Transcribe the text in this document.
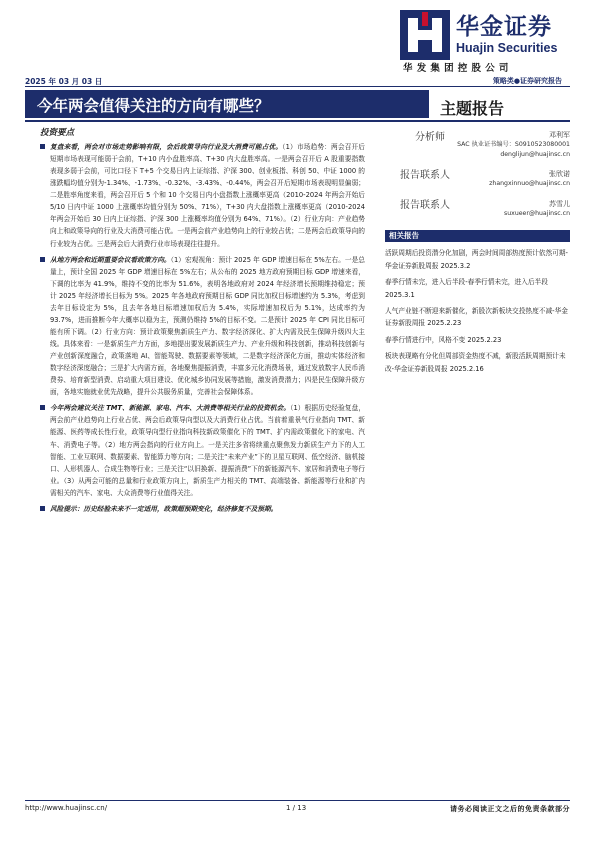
华金证券
Huajin Securities
华发集团控股公司
2025 年 03 月 03 日	策略类●证券研究报告
今年两会值得关注的方向有哪些？	主题报告
投资要点
复盘来看，两会对市场走势影响有限，会后政策导向行业及大消费可能占优。（1）市场趋势：两会召开后短期市场表现可能弱于会前，T+10 内小盘胜率高、T+30 内大盘胜率高。一是两会召开后 A 股重要指数表现多弱于会前，可比口径下 T+5 个交易日内上证综指、沪深 300、创业板指、科创 50、中证 1000 的涨跌幅均值分别为-1.34%、-1.73%、-0.32%、-3.43%、-0.44%，两会召开后短期市场表现明显偏弱；二是胜率角度来看，两会召开后 5 个和 10 个交易日内小盘指数上涨概率更高（2010-2024 年两会开始后 5/10 日内中证 1000 上涨概率均值分别为 50%、71%），T+30 内大盘指数上涨概率更高（2010-2024 年两会开始后 30 日内上证综指、沪深 300 上涨概率均值分别为 64%、71%）。（2）行业方向：产业趋势向上和政策导向的行业及大消费可能占优。一是两会前产业趋势向上的行业较占优；二是两会后政策导向的行业较为占优。三是两会后大消费行业市场表现往往提升。
从地方两会和近期重要会议看政策方向。（1）宏观视角：预计 2025 年 GDP 增速目标在 5%左右。一是总量上，预计全国 2025 年 GDP 增速目标在 5%左右；从公布的 2025 地方政府预期目标 GDP 增速来看，下调的比率为 41.9%，维持不变的比率为 51.6%，表明各地政府对 2024 年经济增长预期维持稳定；预计 2025 年经济增长目标为 5%。2025 年各地政府预期目标 GDP 同比加权目标增速约为 5.3%，考虑到去年目标设定为 5%，且去年各地目标增速加权后为 5.4%，实际增速加权后为 5.1%，达成率约为 93.7%，进而推断今年大概率以稳为主，预测仍维持 5%的目标不变。二是预计 2025 年 CPI 同比目标可能有所下调。（2）行业方向：预计政策聚焦新质生产力、数字经济深化、扩大内需及民生保障升级四大主线。具体来看：一是新质生产力方面，多地提出要发展新质生产力、产业升级和科技创新，推动科技创新与产业创新深度融合，政策落地 AI、智能驾驶、数据要素等领域，二是数字经济深化方面，推动实体经济和数字经济深度融合；三是扩大内需方面，各地聚焦提振消费，丰富多元化消费场景，通过发放数字人民币消费券、培育新型消费、启动重大项目建设、优化城乡协同发展等措施，激发消费潜力；四是民生保障升级方面，各地实施就业优先战略，提升公共服务质量，完善社会保障体系。
今年两会建议关注 TMT、新能源、家电、汽车、大消费等相关行业的投资机会。（1）根据历史经验复盘，两会前产业趋势向上行业占优、两会后政策导向型以及大消费行业占优。当前着重景气行业指向 TMT、新能源、医药等成长性行业，政策导向型行业指向科技新政策催化下的 TMT、扩内需政策催化下的家电、汽车、消费电子等。（2）地方两会指向的行业方向上。一是关注多省将续重点聚焦发力新质生产力下的人工智能、工业互联网、数据要素、智能算力等方向；二是关注“未来产业”下的卫星互联网、低空经济、脑机接口、人形机器人、合成生物等行业；三是关注“以旧换新、提振消费”下的新能源汽车、家居和消费电子等行业。（3）从两会可能的总量和行业政策方向上，新质生产力相关的 TMT、高端装备、新能源等行业和扩内需相关的汽车、家电、大众消费等行业值得关注。
风险提示：历史经验未来不一定适用，政策超预期变化，经济修复不及预期。
分析师	邓利军
SAC 执业证书编号：S0910523080001
denglijun@huajinsc.cn
报告联系人	张欣诺
zhangxinnuo@huajinsc.cn
报告联系人	苏雪儿
suxueer@huajinsc.cn
相关报告
活跃周期后投资潜分化加剧，两会时间周部热度预计依然可期-华金证券新股周报 2025.3.2
春季行情未完，进入后半段-春季行情未完，进入后半段 2025.3.1
人气产业链不断迎来新催化，新股次新板块交投热度不减-华金证券新股周报 2025.2.23
春季行情进行中，风格不变 2025.2.23
板块表现略有分化但周部资金热度不减，新股活跃周期预计未改-华金证券新股周报 2025.2.16
http://www.huajinsc.cn/	1 / 13	请务必阅读正文之后的免责条款部分
